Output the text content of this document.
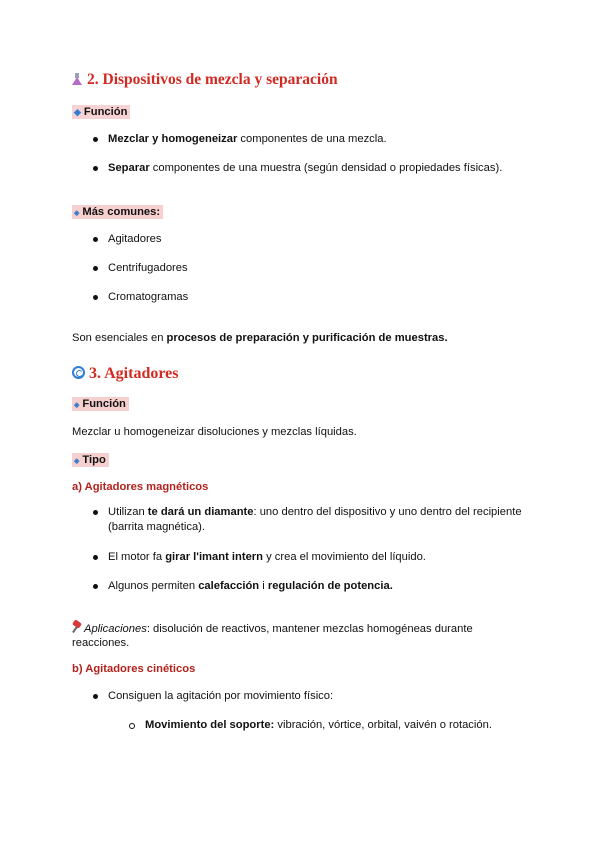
2. Dispositivos de mezcla y separación
◆ Función
Mezclar y homogeneizar componentes de una mezcla.
Separar componentes de una muestra (según densidad o propiedades físicas).
◆ Más comunes:
Agitadores
Centrifugadores
Cromatogramas
Son esenciales en procesos de preparación y purificación de muestras.
3. Agitadores
◆ Función
Mezclar u homogeneizar disoluciones y mezclas líquidas.
◆ Tipo
a) Agitadores magnéticos
Utilizan te dará un diamante: uno dentro del dispositivo y uno dentro del recipiente
(barrita magnética).
El motor fa girar l'imant intern y crea el movimiento del líquido.
Algunos permiten calefacción i regulación de potencia.
Aplicaciones: disolución de reactivos, mantener mezclas homogéneas durante
reacciones.
b) Agitadores cinéticos
Consiguen la agitación por movimiento físico:
Movimiento del soporte: vibración, vórtice, orbital, vaivén o rotación.
